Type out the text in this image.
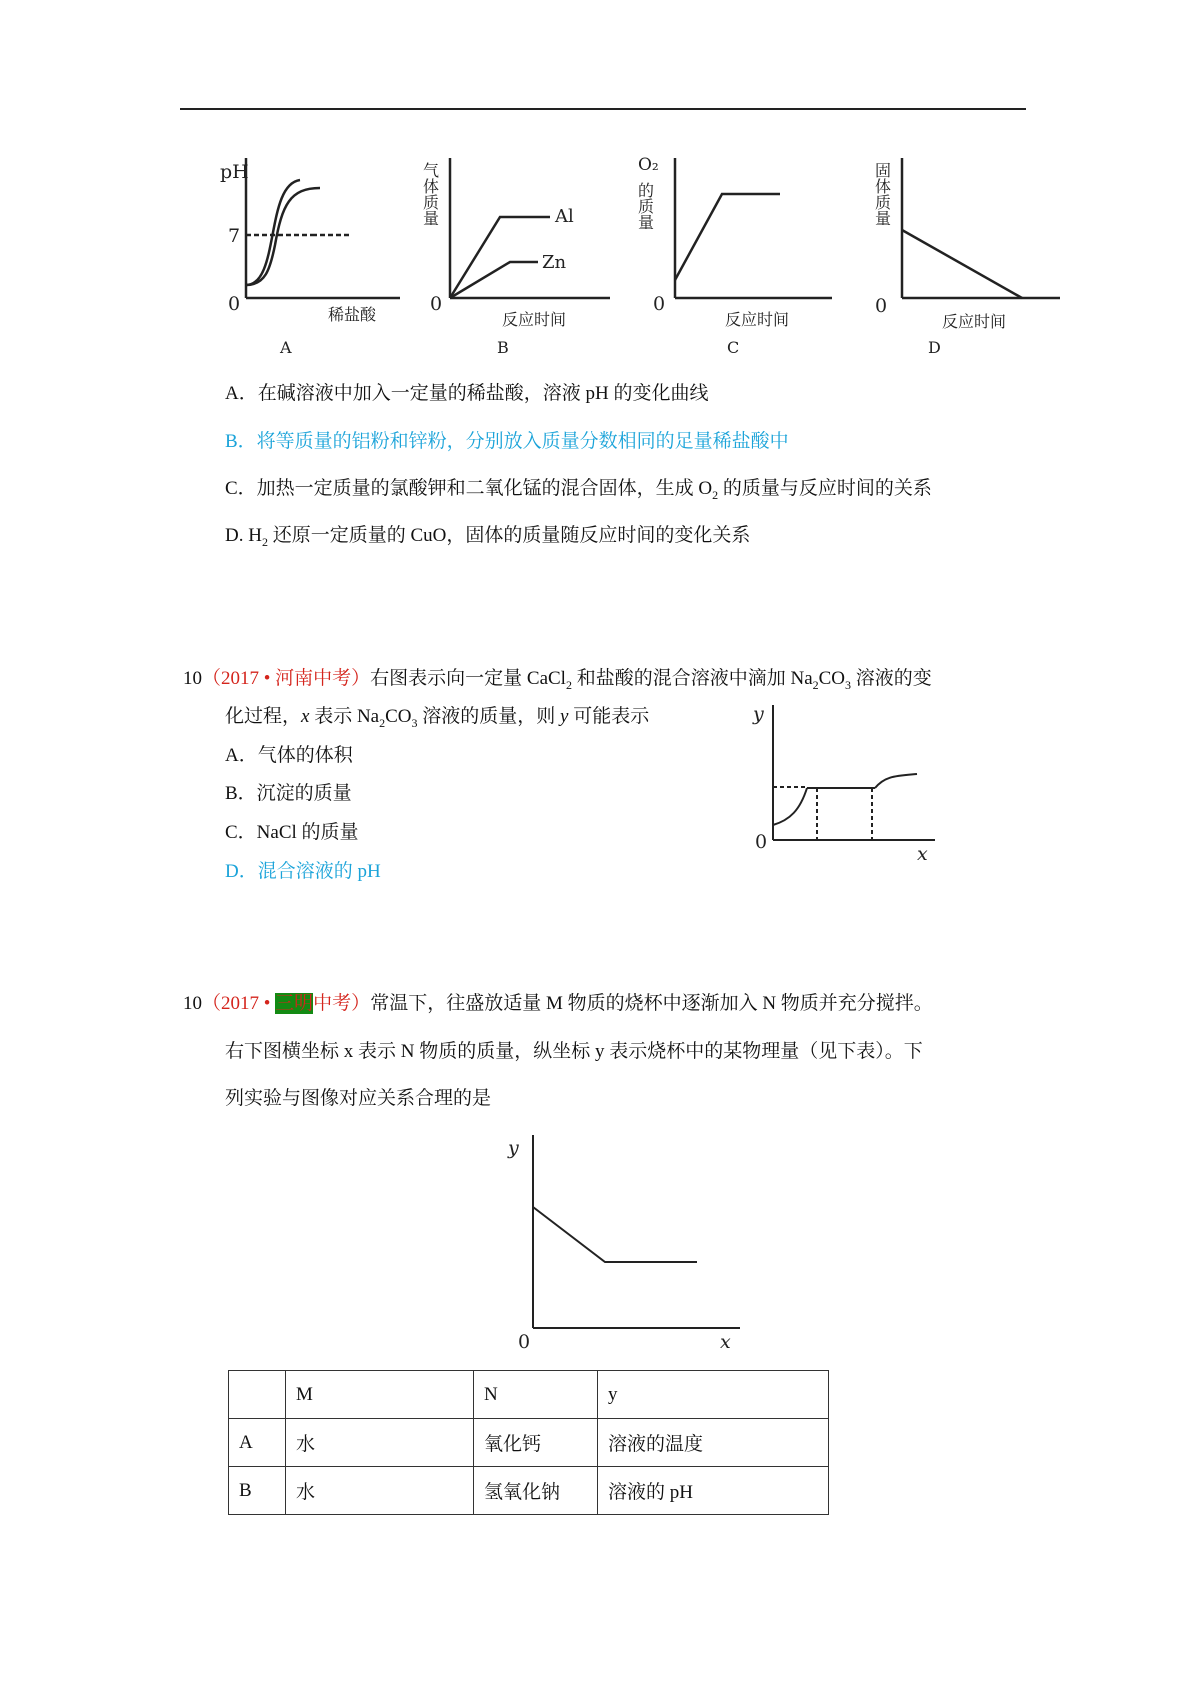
pH
7
0	稀盐酸
A
气体质量
0
Al
Zn
反应时间
B
O₂
的质量
0
反应时间
C
固体质量
0
反应时间
D
A．在碱溶液中加入一定量的稀盐酸，溶液 pH 的变化曲线
B．将等质量的铝粉和锌粉，分别放入质量分数相同的足量稀盐酸中
C．加热一定质量的氯酸钾和二氧化锰的混合固体，生成 $O_2$ 的质量与反应时间的关系
D. $H_2$ 还原一定质量的 CuO，固体的质量随反应时间的变化关系
10（2017 • 河南中考）右图表示向一定量 CaCl$_2$ 和盐酸的混合溶液中滴加 $Na_2CO_3$ 溶液的变
化过程，x 表示 $Na_2CO_3$ 溶液的质量，则 y 可能表示
A．气体的体积
B．沉淀的质量
C．NaCl 的质量
D．混合溶液的 pH
y
0
x
10（2017 • 三明中考）常温下，往盛放适量 M 物质的烧杯中逐渐加入 N 物质并充分搅拌。
右下图横坐标 x 表示 N 物质的质量，纵坐标 y 表示烧杯中的某物理量（见下表）。下
列实验与图像对应关系合理的是
y
0	x
	M	N	y
A	水	氧化钙	溶液的温度
B	水	氢氧化钠	溶液的 pH
